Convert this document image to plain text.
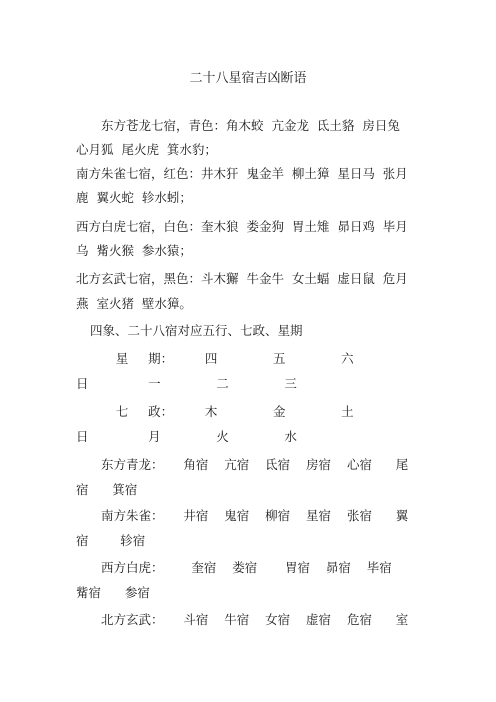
二十八星宿吉凶断语
东方苍龙七宿，青色：角木蛟  亢金龙  氐土貉  房日兔
心月狐  尾火虎  箕水豹；
南方朱雀七宿，红色：井木犴  鬼金羊  柳土獐  星日马  张月
鹿  翼火蛇  轸水蚓；
西方白虎七宿，白色：奎木狼  娄金狗  胃土雉  昴日鸡  毕月
乌  觜火猴  参水猿；
北方玄武七宿，黑色：斗木獬  牛金牛  女土蝠  虚日鼠  危月
燕  室火猪  壁水獐。
四象、二十八宿对应五行、七政、星期
星     期：        四              五              六
日               一              二              三
七     政：        木              金              土
日               月              火              水
东方青龙：     角宿    亢宿    氐宿    房宿    心宿      尾
宿      箕宿
南方朱雀：     井宿    鬼宿    柳宿    星宿    张宿      翼
宿        轸宿
西方白虎：       奎宿    娄宿       胃宿    昴宿    毕宿
觜宿      参宿
北方玄武：     斗宿    牛宿    女宿    虚宿    危宿      室
